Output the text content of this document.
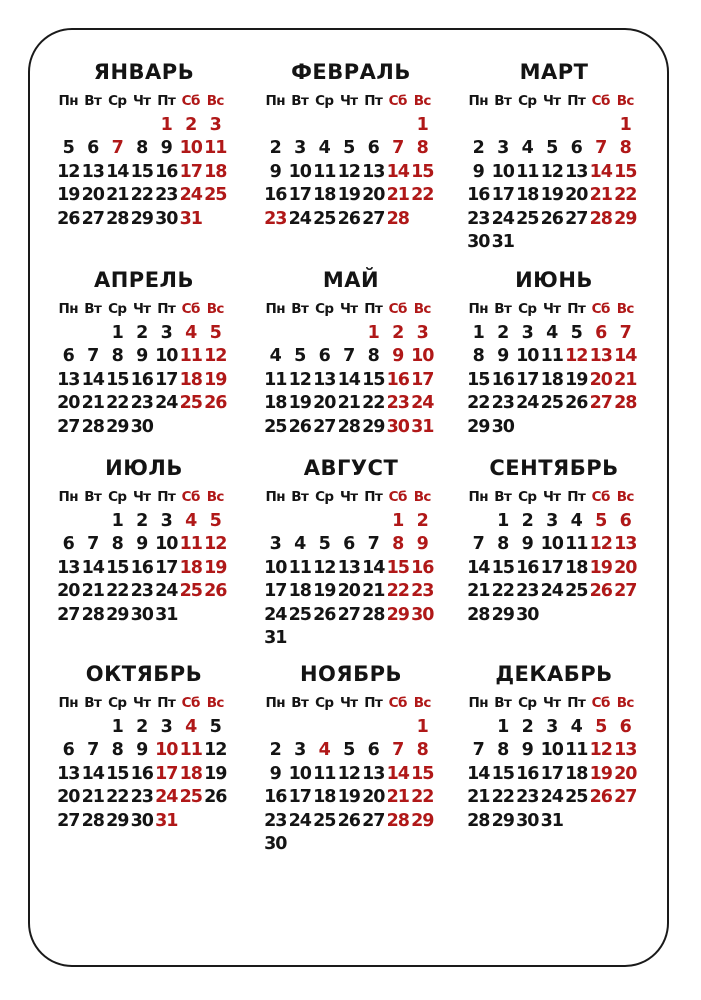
ЯНВАРЬ
Пн Вт Ср Чт Пт Сб Вс
1 2 3
5 6 7 8 9 10 11
12 13 14 15 16 17 18
19 20 21 22 23 24 25
26 27 28 29 30 31
ФЕВРАЛЬ
Пн Вт Ср Чт Пт Сб Вс
1
2 3 4 5 6 7 8
9 10 11 12 13 14 15
16 17 18 19 20 21 22
23 24 25 26 27 28
МАРТ
Пн Вт Ср Чт Пт Сб Вс
1
2 3 4 5 6 7 8
9 10 11 12 13 14 15
16 17 18 19 20 21 22
23 24 25 26 27 28 29
30 31
АПРЕЛЬ
Пн Вт Ср Чт Пт Сб Вс
1 2 3 4 5
6 7 8 9 10 11 12
13 14 15 16 17 18 19
20 21 22 23 24 25 26
27 28 29 30
МАЙ
Пн Вт Ср Чт Пт Сб Вс
1 2 3
4 5 6 7 8 9 10
11 12 13 14 15 16 17
18 19 20 21 22 23 24
25 26 27 28 29 30 31
ИЮНЬ
Пн Вт Ср Чт Пт Сб Вс
1 2 3 4 5 6 7
8 9 10 11 12 13 14
15 16 17 18 19 20 21
22 23 24 25 26 27 28
29 30
ИЮЛЬ
Пн Вт Ср Чт Пт Сб Вс
1 2 3 4 5
6 7 8 9 10 11 12
13 14 15 16 17 18 19
20 21 22 23 24 25 26
27 28 29 30 31
АВГУСТ
Пн Вт Ср Чт Пт Сб Вс
1 2
3 4 5 6 7 8 9
10 11 12 13 14 15 16
17 18 19 20 21 22 23
24 25 26 27 28 29 30
31
СЕНТЯБРЬ
Пн Вт Ср Чт Пт Сб Вс
1 2 3 4 5 6
7 8 9 10 11 12 13
14 15 16 17 18 19 20
21 22 23 24 25 26 27
28 29 30
ОКТЯБРЬ
Пн Вт Ср Чт Пт Сб Вс
1 2 3 4 5
6 7 8 9 10 11 12
13 14 15 16 17 18 19
20 21 22 23 24 25 26
27 28 29 30 31
НОЯБРЬ
Пн Вт Ср Чт Пт Сб Вс
1
2 3 4 5 6 7 8
9 10 11 12 13 14 15
16 17 18 19 20 21 22
23 24 25 26 27 28 29
30
ДЕКАБРЬ
Пн Вт Ср Чт Пт Сб Вс
1 2 3 4 5 6
7 8 9 10 11 12 13
14 15 16 17 18 19 20
21 22 23 24 25 26 27
28 29 30 31
